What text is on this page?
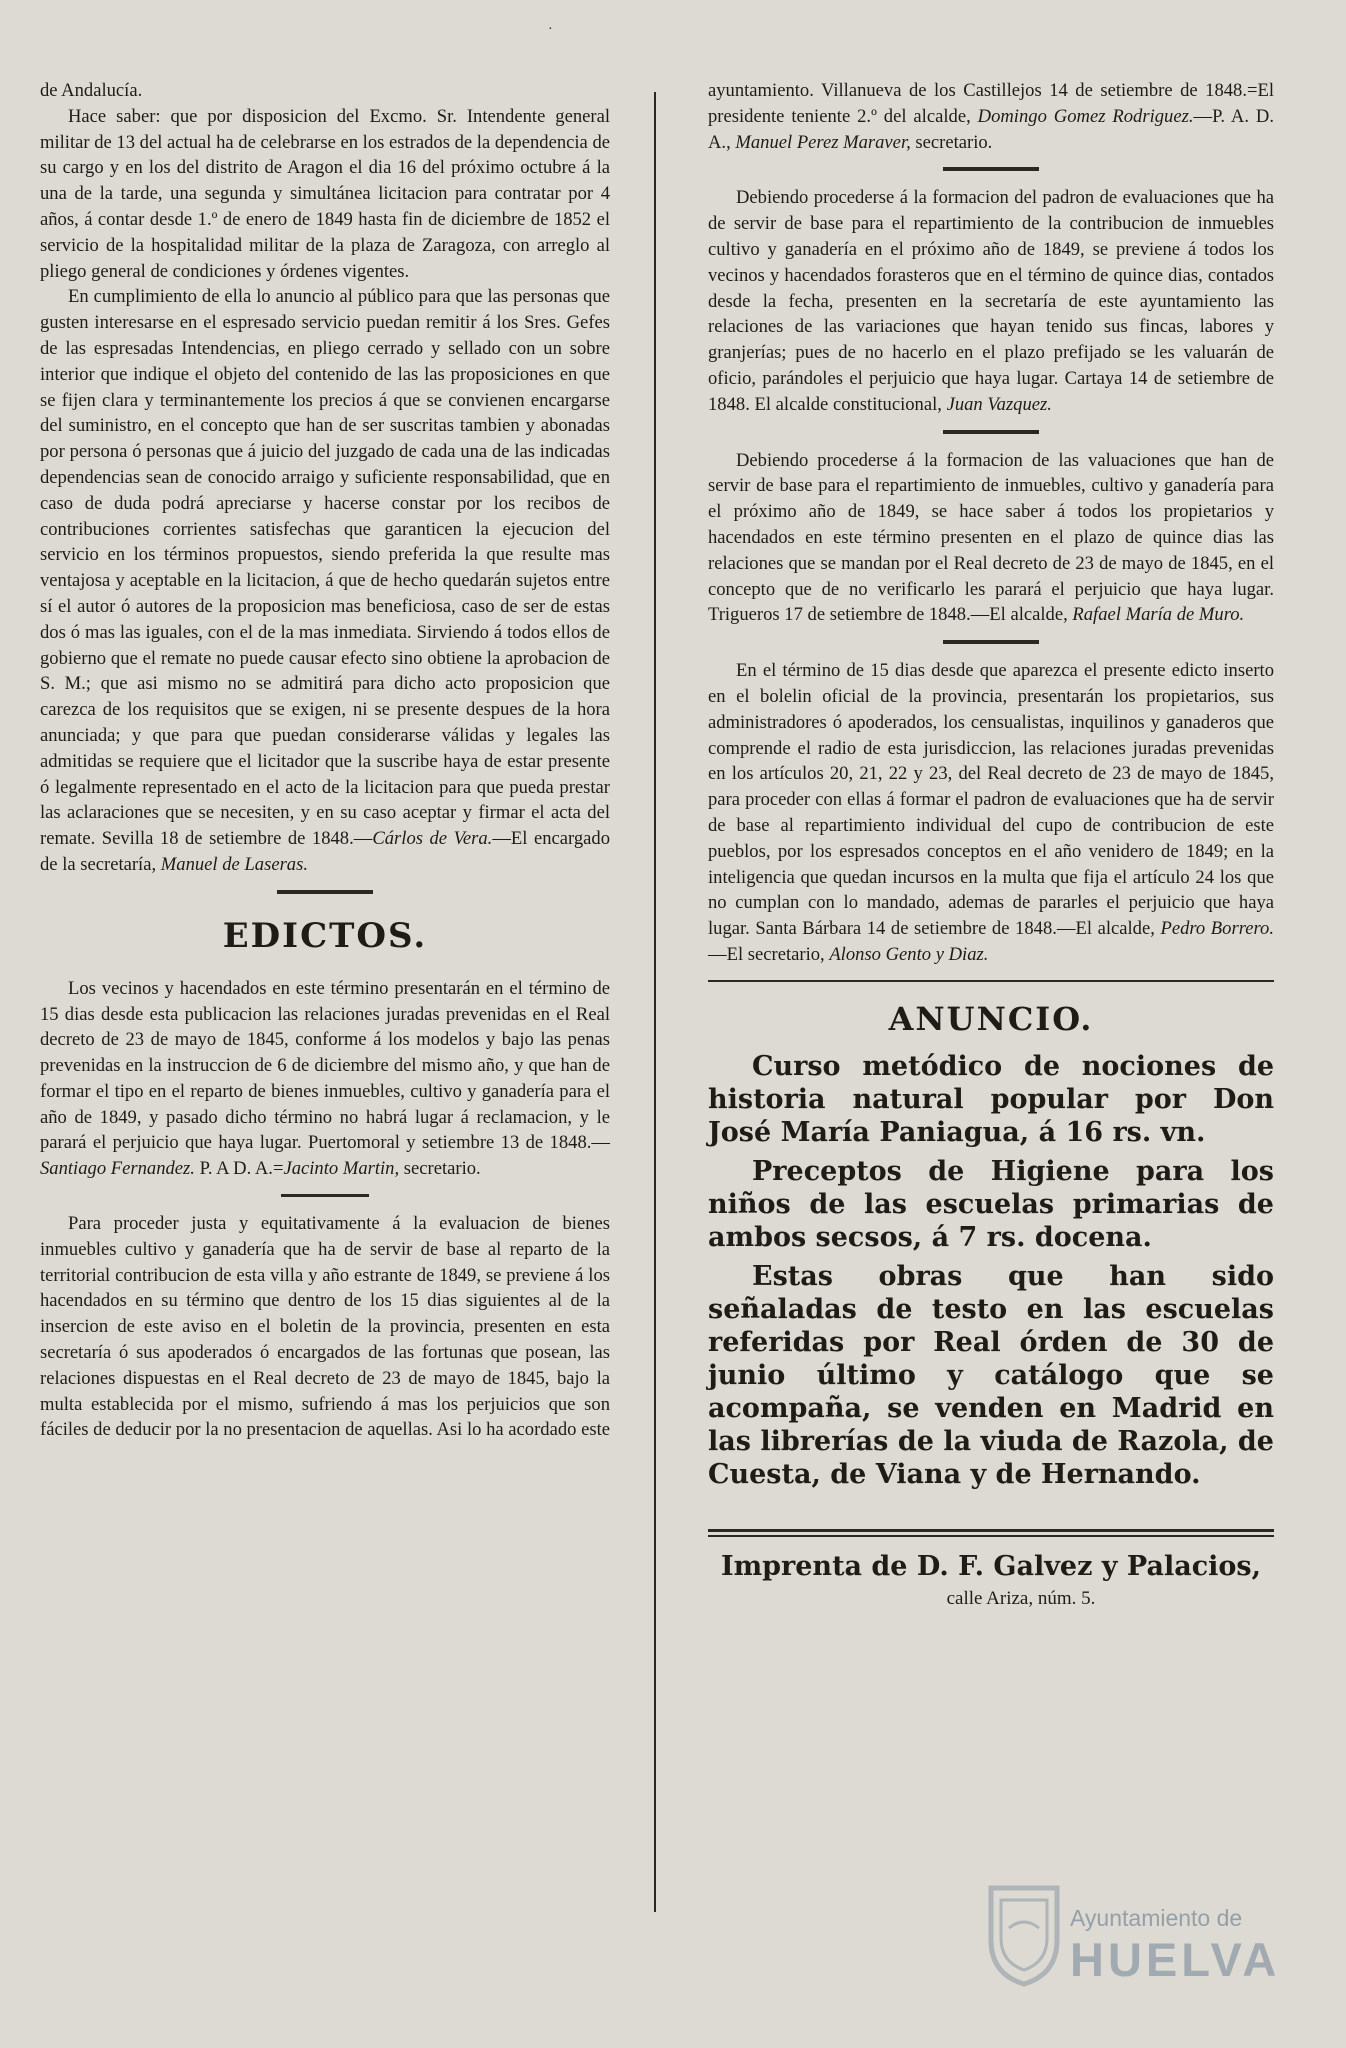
·

de Andalucía.

Hace saber: que por disposicion del Excmo. Sr. Intendente general militar de 13 del actual ha de celebrarse en los estrados de la dependencia de su cargo y en los del distrito de Aragon el dia 16 del próximo octubre á la una de la tarde, una segunda y simultánea licitacion para contratar por 4 años, á contar desde 1.º de enero de 1849 hasta fin de diciembre de 1852 el servicio de la hospitalidad militar de la plaza de Zaragoza, con arreglo al pliego general de condiciones y órdenes vigentes.

En cumplimiento de ella lo anuncio al público para que las personas que gusten interesarse en el espresado servicio puedan remitir á los Sres. Gefes de las espresadas Intendencias, en pliego cerrado y sellado con un sobre interior que indique el objeto del contenido de las las proposiciones en que se fijen clara y terminantemente los precios á que se convienen encargarse del suministro, en el concepto que han de ser suscritas tambien y abonadas por persona ó personas que á juicio del juzgado de cada una de las indicadas dependencias sean de conocido arraigo y suficiente responsabilidad, que en caso de duda podrá apreciarse y hacerse constar por los recibos de contribuciones corrientes satisfechas que garanticen la ejecucion del servicio en los términos propuestos, siendo preferida la que resulte mas ventajosa y aceptable en la licitacion, á que de hecho quedarán sujetos entre sí el autor ó autores de la proposicion mas beneficiosa, caso de ser de estas dos ó mas las iguales, con el de la mas inmediata. Sirviendo á todos ellos de gobierno que el remate no puede causar efecto sino obtiene la aprobacion de S. M.; que asi mismo no se admitirá para dicho acto proposicion que carezca de los requisitos que se exigen, ni se presente despues de la hora anunciada; y que para que puedan considerarse válidas y legales las admitidas se requiere que el licitador que la suscribe haya de estar presente ó legalmente representado en el acto de la licitacion para que pueda prestar las aclaraciones que se necesiten, y en su caso aceptar y firmar el acta del remate. Sevilla 18 de setiembre de 1848.—Cárlos de Vera.—El encargado de la secretaría, Manuel de Laseras.

EDICTOS.

Los vecinos y hacendados en este término presentarán en el término de 15 dias desde esta publicacion las relaciones juradas prevenidas en el Real decreto de 23 de mayo de 1845, conforme á los modelos y bajo las penas prevenidas en la instruccion de 6 de diciembre del mismo año, y que han de formar el tipo en el reparto de bienes inmuebles, cultivo y ganadería para el año de 1849, y pasado dicho término no habrá lugar á reclamacion, y le parará el perjuicio que haya lugar. Puertomoral y setiembre 13 de 1848.—Santiago Fernandez. P. A D. A.=Jacinto Martin, secretario.

Para proceder justa y equitativamente á la evaluacion de bienes inmuebles cultivo y ganadería que ha de servir de base al reparto de la territorial contribucion de esta villa y año estrante de 1849, se previene á los hacendados en su término que dentro de los 15 dias siguientes al de la insercion de este aviso en el boletin de la provincia, presenten en esta secretaría ó sus apoderados ó encargados de las fortunas que posean, las relaciones dispuestas en el Real decreto de 23 de mayo de 1845, bajo la multa establecida por el mismo, sufriendo á mas los perjuicios que son fáciles de deducir por la no presentacion de aquellas. Asi lo ha acordado este

ayuntamiento. Villanueva de los Castillejos 14 de setiembre de 1848.=El presidente teniente 2.º del alcalde, Domingo Gomez Rodriguez.—P. A. D. A., Manuel Perez Maraver, secretario.

Debiendo procederse á la formacion del padron de evaluaciones que ha de servir de base para el repartimiento de la contribucion de inmuebles cultivo y ganadería en el próximo año de 1849, se previene á todos los vecinos y hacendados forasteros que en el término de quince dias, contados desde la fecha, presenten en la secretaría de este ayuntamiento las relaciones de las variaciones que hayan tenido sus fincas, labores y granjerías; pues de no hacerlo en el plazo prefijado se les valuarán de oficio, parándoles el perjuicio que haya lugar. Cartaya 14 de setiembre de 1848. El alcalde constitucional, Juan Vazquez.

Debiendo procederse á la formacion de las valuaciones que han de servir de base para el repartimiento de inmuebles, cultivo y ganadería para el próximo año de 1849, se hace saber á todos los propietarios y hacendados en este término presenten en el plazo de quince dias las relaciones que se mandan por el Real decreto de 23 de mayo de 1845, en el concepto que de no verificarlo les parará el perjuicio que haya lugar. Trigueros 17 de setiembre de 1848.—El alcalde, Rafael María de Muro.

En el término de 15 dias desde que aparezca el presente edicto inserto en el bolelin oficial de la provincia, presentarán los propietarios, sus administradores ó apoderados, los censualistas, inquilinos y ganaderos que comprende el radio de esta jurisdiccion, las relaciones juradas prevenidas en los artículos 20, 21, 22 y 23, del Real decreto de 23 de mayo de 1845, para proceder con ellas á formar el padron de evaluaciones que ha de servir de base al repartimiento individual del cupo de contribucion de este pueblos, por los espresados conceptos en el año venidero de 1849; en la inteligencia que quedan incursos en la multa que fija el artículo 24 los que no cumplan con lo mandado, ademas de pararles el perjuicio que haya lugar. Santa Bárbara 14 de setiembre de 1848.—El alcalde, Pedro Borrero. —El secretario, Alonso Gento y Diaz.

ANUNCIO.

Curso metódico de nociones de historia natural popular por Don José María Paniagua, á 16 rs. vn.

Preceptos de Higiene para los niños de las escuelas primarias de ambos secsos, á 7 rs. docena.

Estas obras que han sido señaladas de testo en las escuelas referidas por Real órden de 30 de junio último y catálogo que se acompaña, se venden en Madrid en las librerías de la viuda de Razola, de Cuesta, de Viana y de Hernando.

Imprenta de D. F. Galvez y Palacios,
calle Ariza, núm. 5.
Ayuntamiento de
HUELVA
